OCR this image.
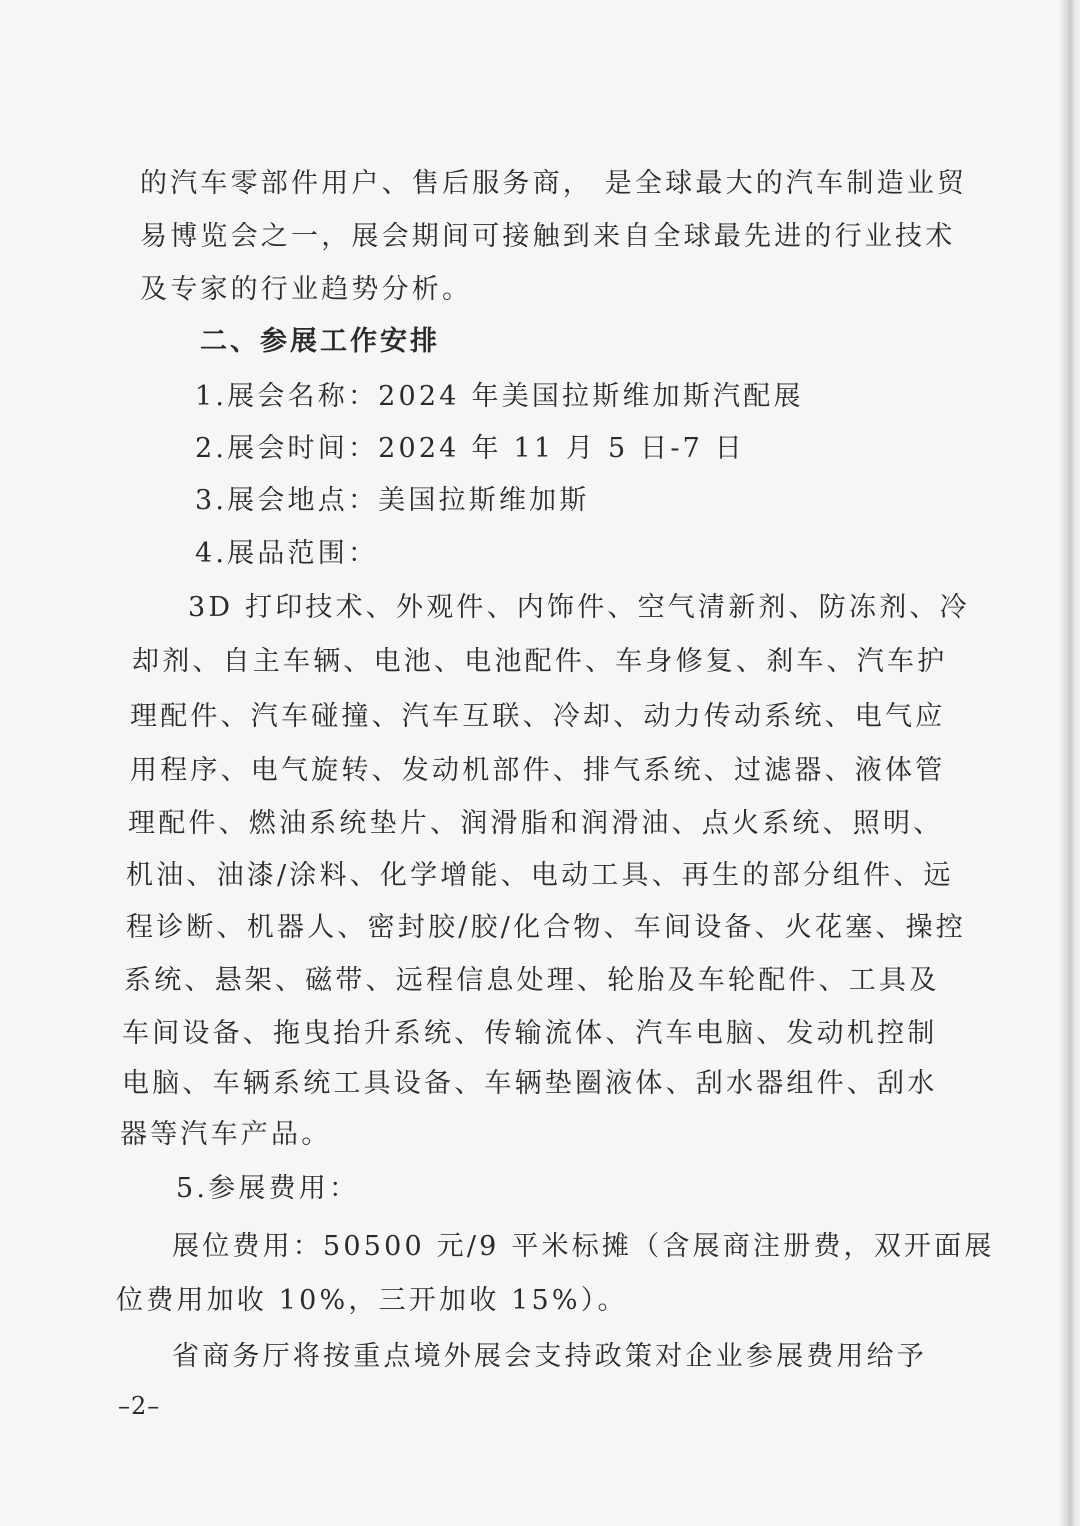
的汽车零部件用户、售后服务商， 是全球最大的汽车制造业贸
易博览会之一，展会期间可接触到来自全球最先进的行业技术
及专家的行业趋势分析。
二、参展工作安排
1.展会名称：2024 年美国拉斯维加斯汽配展
2.展会时间：2024 年 11 月 5 日-7 日
3.展会地点：美国拉斯维加斯
4.展品范围：
3D 打印技术、外观件、内饰件、空气清新剂、防冻剂、冷
却剂、自主车辆、电池、电池配件、车身修复、刹车、汽车护
理配件、汽车碰撞、汽车互联、冷却、动力传动系统、电气应
用程序、电气旋转、发动机部件、排气系统、过滤器、液体管
理配件、燃油系统垫片、润滑脂和润滑油、点火系统、照明、
机油、油漆/涂料、化学增能、电动工具、再生的部分组件、远
程诊断、机器人、密封胶/胶/化合物、车间设备、火花塞、操控
系统、悬架、磁带、远程信息处理、轮胎及车轮配件、工具及
车间设备、拖曳抬升系统、传输流体、汽车电脑、发动机控制
电脑、车辆系统工具设备、车辆垫圈液体、刮水器组件、刮水
器等汽车产品。
5.参展费用：
展位费用：50500 元/9 平米标摊（含展商注册费，双开面展
位费用加收 10%，三开加收 15%）。
省商务厅将按重点境外展会支持政策对企业参展费用给予
–2–
